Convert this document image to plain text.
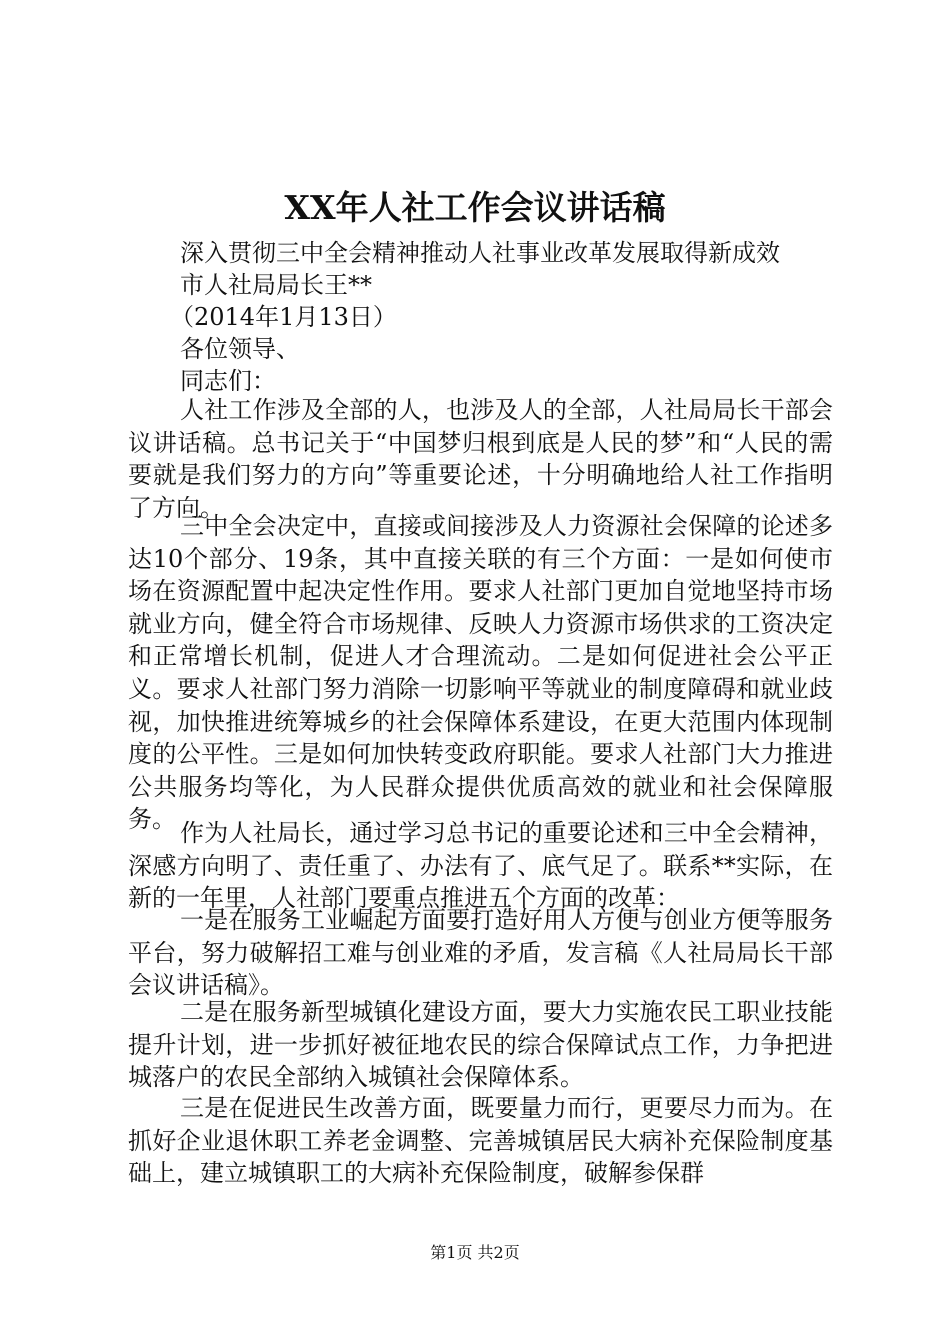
XX年人社工作会议讲话稿
深入贯彻三中全会精神推动人社事业改革发展取得新成效
市人社局局长王**
（2014年1月13日）
各位领导、
同志们：

人社工作涉及全部的人，也涉及人的全部，人社局局长干部会议讲话稿。总书记关于“中国梦归根到底是人民的梦”和“人民的需要就是我们努力的方向”等重要论述，十分明确地给人社工作指明了方向。

三中全会决定中，直接或间接涉及人力资源社会保障的论述多达10个部分、19条，其中直接关联的有三个方面：一是如何使市场在资源配置中起决定性作用。要求人社部门更加自觉地坚持市场就业方向，健全符合市场规律、反映人力资源市场供求的工资决定和正常增长机制，促进人才合理流动。二是如何促进社会公平正义。要求人社部门努力消除一切影响平等就业的制度障碍和就业歧视，加快推进统筹城乡的社会保障体系建设，在更大范围内体现制度的公平性。三是如何加快转变政府职能。要求人社部门大力推进公共服务均等化，为人民群众提供优质高效的就业和社会保障服务。 作为人社局长，通过学习总书记的重要论述和三中全会精神，深感方向明了、责任重了、办法有了、底气足了。联系**实际，在新的一年里，人社部门要重点推进五个方面的改革：

一是在服务工业崛起方面要打造好用人方便与创业方便等服务平台，努力破解招工难与创业难的矛盾，发言稿《人社局局长干部会议讲话稿》。

二是在服务新型城镇化建设方面，要大力实施农民工职业技能提升计划，进一步抓好被征地农民的综合保障试点工作，力争把进城落户的农民全部纳入城镇社会保障体系。

三是在促进民生改善方面，既要量力而行，更要尽力而为。在抓好企业退休职工养老金调整、完善城镇居民大病补充保险制度基础上，建立城镇职工的大病补充保险制度，破解参保群

第1页 共2页
